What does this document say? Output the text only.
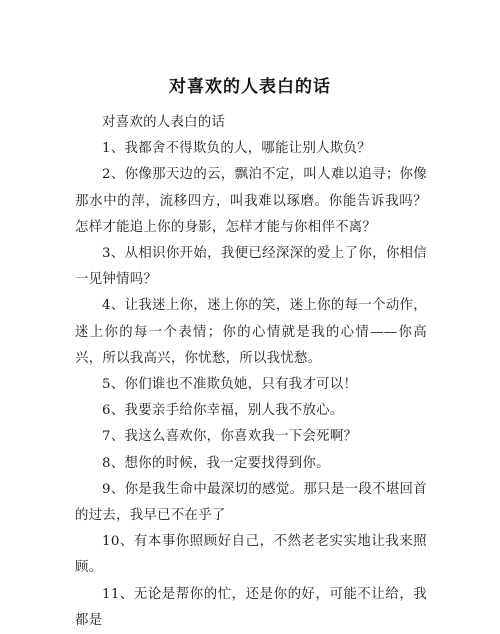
对喜欢的人表白的话

对喜欢的人表白的话

1、我都舍不得欺负的人，哪能让别人欺负？

2、你像那天边的云，飘泊不定，叫人难以追寻；你像那水中的萍，流移四方，叫我难以琢磨。你能告诉我吗？怎样才能追上你的身影，怎样才能与你相伴不离？

3、从相识你开始，我便已经深深的爱上了你，你相信一见钟情吗？

4、让我迷上你，迷上你的笑，迷上你的每一个动作，迷上你的每一个表情；你的心情就是我的心情——你高兴，所以我高兴，你忧愁，所以我忧愁。

5、你们谁也不准欺负她，只有我才可以！

6、我要亲手给你幸福，别人我不放心。

7、我这么喜欢你，你喜欢我一下会死啊？

8、想你的时候，我一定要找得到你。

9、你是我生命中最深切的感觉。那只是一段不堪回首的过去，我早已不在乎了

10、有本事你照顾好自己，不然老老实实地让我来照顾。

11、无论是帮你的忙，还是你的好，可能不让给，我都是
